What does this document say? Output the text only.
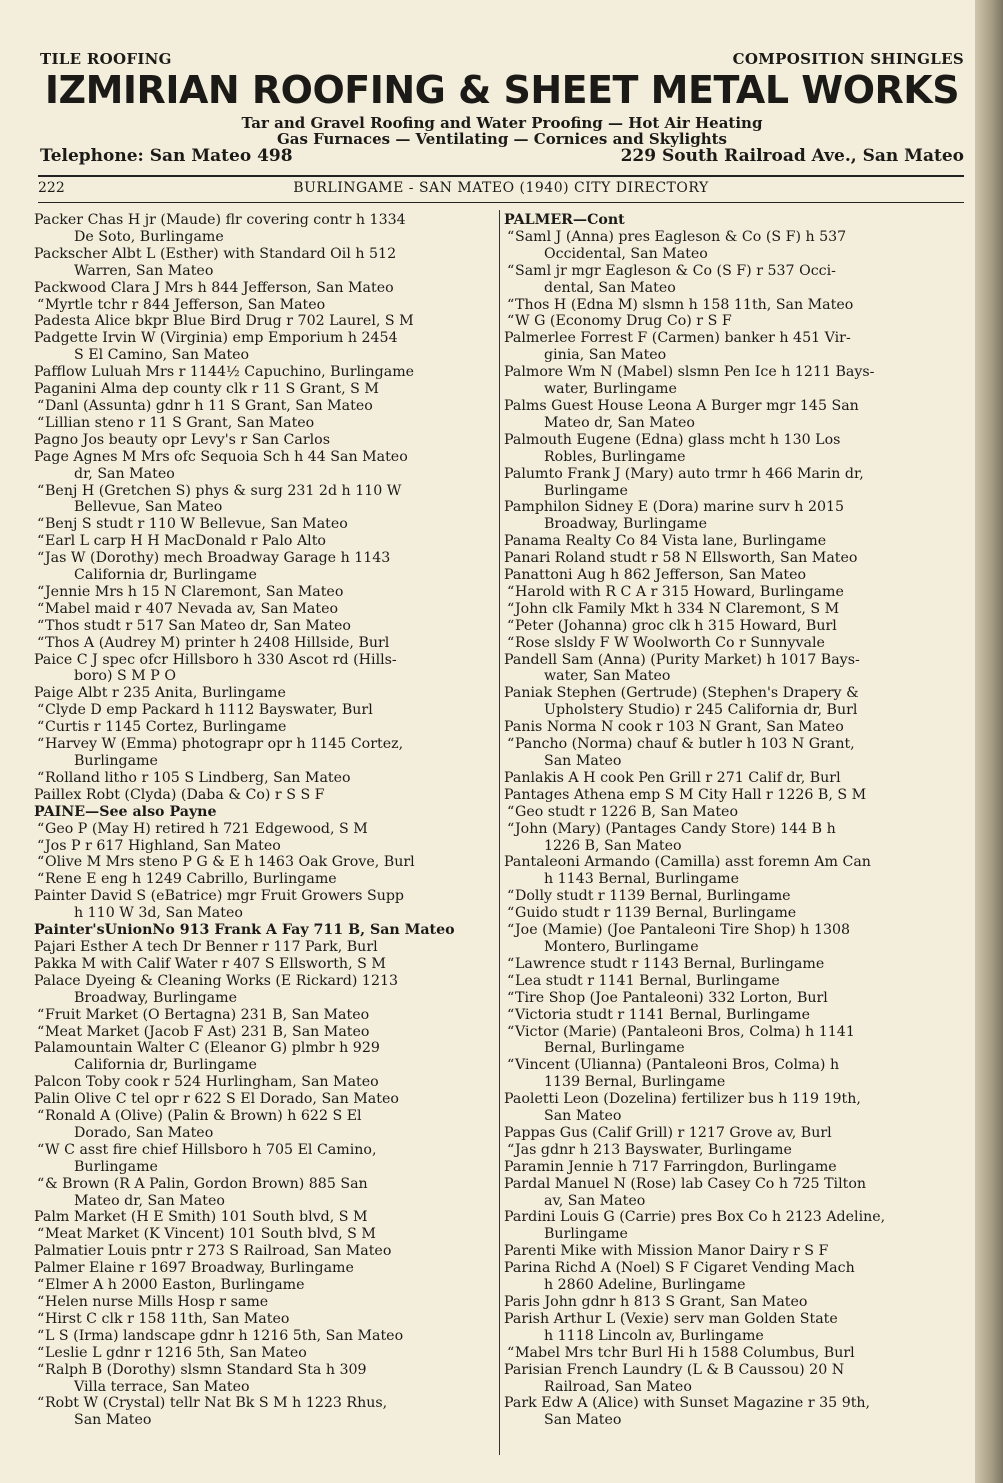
TILE ROOFING	COMPOSITION SHINGLES
IZMIRIAN ROOFING & SHEET METAL WORKS
Tar and Gravel Roofing and Water Proofing — Hot Air Heating
Gas Furnaces — Ventilating — Cornices and Skylights
Telephone: San Mateo 498	229 South Railroad Ave., San Mateo
BURLINGAME - SAN MATEO (1940) CITY DIRECTORY
222
Packer Chas H jr (Maude) flr covering contr h 1334
De Soto, Burlingame
Packscher Albt L (Esther) with Standard Oil h 512
Warren, San Mateo
Packwood Clara J Mrs h 844 Jefferson, San Mateo
“ Myrtle tchr r 844 Jefferson, San Mateo
Padesta Alice bkpr Blue Bird Drug r 702 Laurel, S M
Padgette Irvin W (Virginia) emp Emporium h 2454
S El Camino, San Mateo
Pafflow Luluah Mrs r 1144½ Capuchino, Burlingame
Paganini Alma dep county clk r 11 S Grant, S M
“ Danl (Assunta) gdnr h 11 S Grant, San Mateo
“ Lillian steno r 11 S Grant, San Mateo
Pagno Jos beauty opr Levy's r San Carlos
Page Agnes M Mrs ofc Sequoia Sch h 44 San Mateo
dr, San Mateo
“ Benj H (Gretchen S) phys & surg 231 2d h 110 W
Bellevue, San Mateo
“ Benj S studt r 110 W Bellevue, San Mateo
“ Earl L carp H H MacDonald r Palo Alto
“ Jas W (Dorothy) mech Broadway Garage h 1143
California dr, Burlingame
“ Jennie Mrs h 15 N Claremont, San Mateo
“ Mabel maid r 407 Nevada av, San Mateo
“ Thos studt r 517 San Mateo dr, San Mateo
“ Thos A (Audrey M) printer h 2408 Hillside, Burl
Paice C J spec ofcr Hillsboro h 330 Ascot rd (Hills-
boro) S M P O
Paige Albt r 235 Anita, Burlingame
“ Clyde D emp Packard h 1112 Bayswater, Burl
“ Curtis r 1145 Cortez, Burlingame
“ Harvey W (Emma) photograpr opr h 1145 Cortez,
Burlingame
“ Rolland litho r 105 S Lindberg, San Mateo
Paillex Robt (Clyda) (Daba & Co) r S S F
PAINE—See also Payne
“ Geo P (May H) retired h 721 Edgewood, S M
“ Jos P r 617 Highland, San Mateo
“ Olive M Mrs steno P G & E h 1463 Oak Grove, Burl
“ Rene E eng h 1249 Cabrillo, Burlingame
Painter David S (eBatrice) mgr Fruit Growers Supp
h 110 W 3d, San Mateo
Painter'sUnionNo 913 Frank A Fay 711 B, San Mateo
Pajari Esther A tech Dr Benner r 117 Park, Burl
Pakka M with Calif Water r 407 S Ellsworth, S M
Palace Dyeing & Cleaning Works (E Rickard) 1213
Broadway, Burlingame
“ Fruit Market (O Bertagna) 231 B, San Mateo
“ Meat Market (Jacob F Ast) 231 B, San Mateo
Palamountain Walter C (Eleanor G) plmbr h 929
California dr, Burlingame
Palcon Toby cook r 524 Hurlingham, San Mateo
Palin Olive C tel opr r 622 S El Dorado, San Mateo
“ Ronald A (Olive) (Palin & Brown) h 622 S El
Dorado, San Mateo
“ W C asst fire chief Hillsboro h 705 El Camino,
Burlingame
“ & Brown (R A Palin, Gordon Brown) 885 San
Mateo dr, San Mateo
Palm Market (H E Smith) 101 South blvd, S M
“ Meat Market (K Vincent) 101 South blvd, S M
Palmatier Louis pntr r 273 S Railroad, San Mateo
Palmer Elaine r 1697 Broadway, Burlingame
“ Elmer A h 2000 Easton, Burlingame
“ Helen nurse Mills Hosp r same
“ Hirst C clk r 158 11th, San Mateo
“ L S (Irma) landscape gdnr h 1216 5th, San Mateo
“ Leslie L gdnr r 1216 5th, San Mateo
“ Ralph B (Dorothy) slsmn Standard Sta h 309
Villa terrace, San Mateo
“ Robt W (Crystal) tellr Nat Bk S M h 1223 Rhus,
San Mateo
PALMER—Cont
“ Saml J (Anna) pres Eagleson & Co (S F) h 537
Occidental, San Mateo
“ Saml jr mgr Eagleson & Co (S F) r 537 Occi-
dental, San Mateo
“ Thos H (Edna M) slsmn h 158 11th, San Mateo
“ W G (Economy Drug Co) r S F
Palmerlee Forrest F (Carmen) banker h 451 Vir-
ginia, San Mateo
Palmore Wm N (Mabel) slsmn Pen Ice h 1211 Bays-
water, Burlingame
Palms Guest House Leona A Burger mgr 145 San
Mateo dr, San Mateo
Palmouth Eugene (Edna) glass mcht h 130 Los
Robles, Burlingame
Palumto Frank J (Mary) auto trmr h 466 Marin dr,
Burlingame
Pamphilon Sidney E (Dora) marine surv h 2015
Broadway, Burlingame
Panama Realty Co 84 Vista lane, Burlingame
Panari Roland studt r 58 N Ellsworth, San Mateo
Panattoni Aug h 862 Jefferson, San Mateo
“ Harold with R C A r 315 Howard, Burlingame
“ John clk Family Mkt h 334 N Claremont, S M
“ Peter (Johanna) groc clk h 315 Howard, Burl
“ Rose slsldy F W Woolworth Co r Sunnyvale
Pandell Sam (Anna) (Purity Market) h 1017 Bays-
water, San Mateo
Paniak Stephen (Gertrude) (Stephen's Drapery &
Upholstery Studio) r 245 California dr, Burl
Panis Norma N cook r 103 N Grant, San Mateo
“ Pancho (Norma) chauf & butler h 103 N Grant,
San Mateo
Panlakis A H cook Pen Grill r 271 Calif dr, Burl
Pantages Athena emp S M City Hall r 1226 B, S M
“ Geo studt r 1226 B, San Mateo
“ John (Mary) (Pantages Candy Store) 144 B h
1226 B, San Mateo
Pantaleoni Armando (Camilla) asst foremn Am Can
h 1143 Bernal, Burlingame
“ Dolly studt r 1139 Bernal, Burlingame
“ Guido studt r 1139 Bernal, Burlingame
“ Joe (Mamie) (Joe Pantaleoni Tire Shop) h 1308
Montero, Burlingame
“ Lawrence studt r 1143 Bernal, Burlingame
“ Lea studt r 1141 Bernal, Burlingame
“ Tire Shop (Joe Pantaleoni) 332 Lorton, Burl
“ Victoria studt r 1141 Bernal, Burlingame
“ Victor (Marie) (Pantaleoni Bros, Colma) h 1141
Bernal, Burlingame
“ Vincent (Ulianna) (Pantaleoni Bros, Colma) h
1139 Bernal, Burlingame
Paoletti Leon (Dozelina) fertilizer bus h 119 19th,
San Mateo
Pappas Gus (Calif Grill) r 1217 Grove av, Burl
“ Jas gdnr h 213 Bayswater, Burlingame
Paramin Jennie h 717 Farringdon, Burlingame
Pardal Manuel N (Rose) lab Casey Co h 725 Tilton
av, San Mateo
Pardini Louis G (Carrie) pres Box Co h 2123 Adeline,
Burlingame
Parenti Mike with Mission Manor Dairy r S F
Parina Richd A (Noel) S F Cigaret Vending Mach
h 2860 Adeline, Burlingame
Paris John gdnr h 813 S Grant, San Mateo
Parish Arthur L (Vexie) serv man Golden State
h 1118 Lincoln av, Burlingame
“ Mabel Mrs tchr Burl Hi h 1588 Columbus, Burl
Parisian French Laundry (L & B Caussou) 20 N
Railroad, San Mateo
Park Edw A (Alice) with Sunset Magazine r 35 9th,
San Mateo
